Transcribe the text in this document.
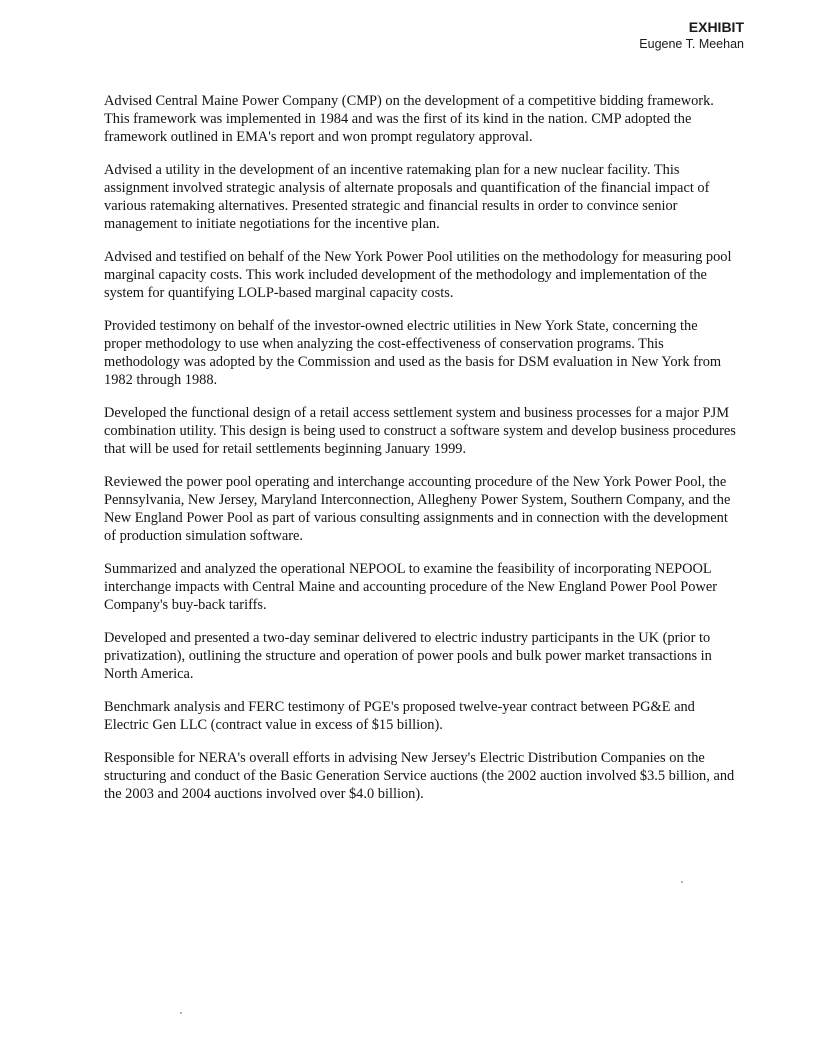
EXHIBIT
Eugene T. Meehan

Advised Central Maine Power Company (CMP) on the development of a competitive bidding framework. This framework was implemented in 1984 and was the first of its kind in the nation. CMP adopted the framework outlined in EMA's report and won prompt regulatory approval.

Advised a utility in the development of an incentive ratemaking plan for a new nuclear facility. This assignment involved strategic analysis of alternate proposals and quantification of the financial impact of various ratemaking alternatives. Presented strategic and financial results in order to convince senior management to initiate negotiations for the incentive plan.

Advised and testified on behalf of the New York Power Pool utilities on the methodology for measuring pool marginal capacity costs. This work included development of the methodology and implementation of the system for quantifying LOLP-based marginal capacity costs.

Provided testimony on behalf of the investor-owned electric utilities in New York State, concerning the proper methodology to use when analyzing the cost-effectiveness of conservation programs. This methodology was adopted by the Commission and used as the basis for DSM evaluation in New York from 1982 through 1988.

Developed the functional design of a retail access settlement system and business processes for a major PJM combination utility. This design is being used to construct a software system and develop business procedures that will be used for retail settlements beginning January 1999.

Reviewed the power pool operating and interchange accounting procedure of the New York Power Pool, the Pennsylvania, New Jersey, Maryland Interconnection, Allegheny Power System, Southern Company, and the New England Power Pool as part of various consulting assignments and in connection with the development of production simulation software.

Summarized and analyzed the operational NEPOOL to examine the feasibility of incorporating NEPOOL interchange impacts with Central Maine and accounting procedure of the New England Power Pool Power Company's buy-back tariffs.

Developed and presented a two-day seminar delivered to electric industry participants in the UK (prior to privatization), outlining the structure and operation of power pools and bulk power market transactions in North America.

Benchmark analysis and FERC testimony of PGE's proposed twelve-year contract between PG&E and Electric Gen LLC (contract value in excess of $15 billion).

Responsible for NERA's overall efforts in advising New Jersey's Electric Distribution Companies on the structuring and conduct of the Basic Generation Service auctions (the 2002 auction involved $3.5 billion, and the 2003 and 2004 auctions involved over $4.0 billion).
